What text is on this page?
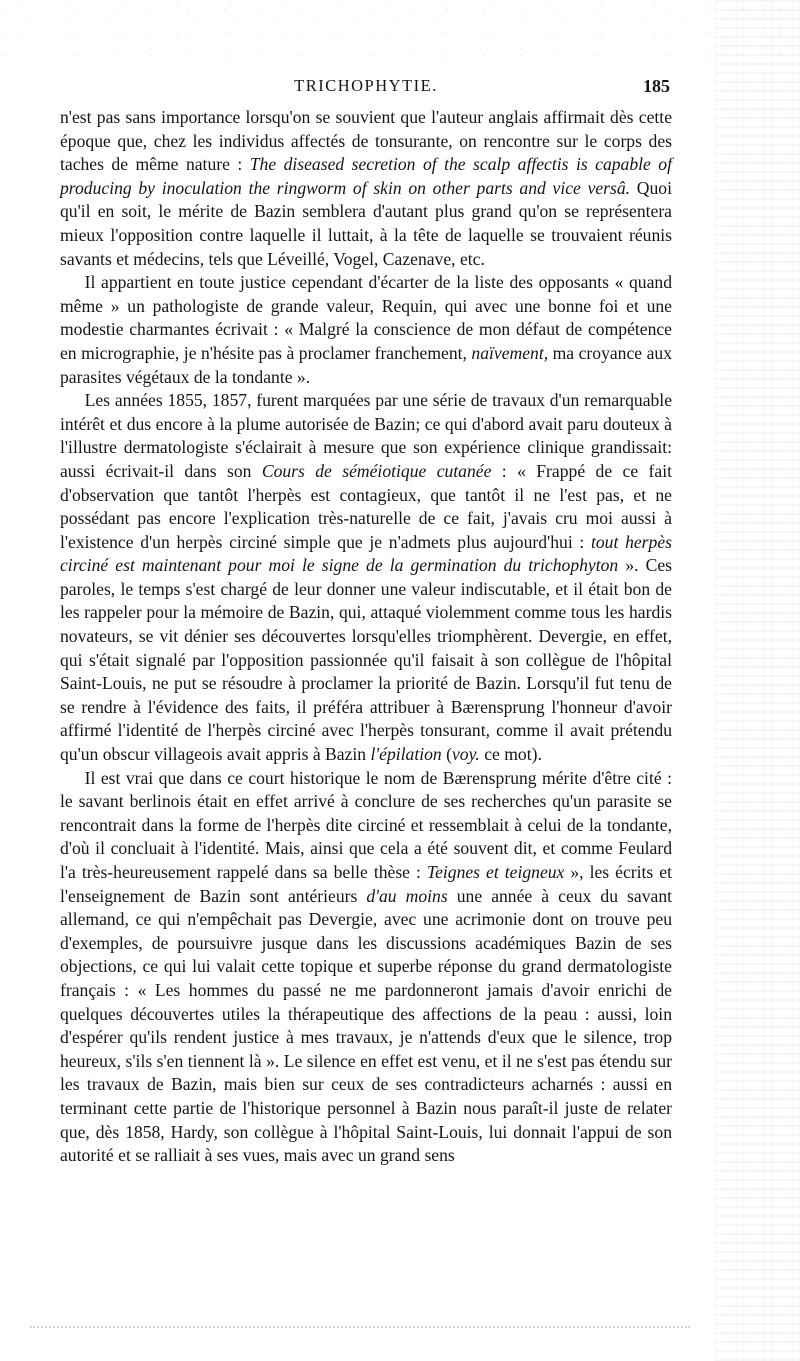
TRICHOPHYTIE.	185

n'est pas sans importance lorsqu'on se souvient que l'auteur anglais affirmait dès cette époque que, chez les individus affectés de tonsurante, on rencontre sur le corps des taches de même nature : The diseased secretion of the scalp affectis is capable of producing by inoculation the ringworm of skin on other parts and vice versâ. Quoi qu'il en soit, le mérite de Bazin semblera d'autant plus grand qu'on se représentera mieux l'opposition contre laquelle il luttait, à la tête de laquelle se trouvaient réunis savants et médecins, tels que Léveillé, Vogel, Cazenave, etc.

Il appartient en toute justice cependant d'écarter de la liste des opposants « quand même » un pathologiste de grande valeur, Requin, qui avec une bonne foi et une modestie charmantes écrivait : « Malgré la conscience de mon défaut de compétence en micrographie, je n'hésite pas à proclamer franchement, naïvement, ma croyance aux parasites végétaux de la tondante ».

Les années 1855, 1857, furent marquées par une série de travaux d'un remarquable intérêt et dus encore à la plume autorisée de Bazin; ce qui d'abord avait paru douteux à l'illustre dermatologiste s'éclairait à mesure que son expérience clinique grandissait: aussi écrivait-il dans son Cours de séméiotique cutanée : « Frappé de ce fait d'observation que tantôt l'herpès est contagieux, que tantôt il ne l'est pas, et ne possédant pas encore l'explication très-naturelle de ce fait, j'avais cru moi aussi à l'existence d'un herpès circiné simple que je n'admets plus aujourd'hui : tout herpès circiné est maintenant pour moi le signe de la germination du trichophyton ». Ces paroles, le temps s'est chargé de leur donner une valeur indiscutable, et il était bon de les rappeler pour la mémoire de Bazin, qui, attaqué violemment comme tous les hardis novateurs, se vit dénier ses découvertes lorsqu'elles triomphèrent. Devergie, en effet, qui s'était signalé par l'opposition passionnée qu'il faisait à son collègue de l'hôpital Saint-Louis, ne put se résoudre à proclamer la priorité de Bazin. Lorsqu'il fut tenu de se rendre à l'évidence des faits, il préféra attribuer à Bærensprung l'honneur d'avoir affirmé l'identité de l'herpès circiné avec l'herpès tonsurant, comme il avait prétendu qu'un obscur villageois avait appris à Bazin l'épilation (voy. ce mot).

Il est vrai que dans ce court historique le nom de Bærensprung mérite d'être cité : le savant berlinois était en effet arrivé à conclure de ses recherches qu'un parasite se rencontrait dans la forme de l'herpès dite circiné et ressemblait à celui de la tondante, d'où il concluait à l'identité. Mais, ainsi que cela a été souvent dit, et comme Feulard l'a très-heureusement rappelé dans sa belle thèse : Teignes et teigneux », les écrits et l'enseignement de Bazin sont antérieurs d'au moins une année à ceux du savant allemand, ce qui n'empêchait pas Devergie, avec une acrimonie dont on trouve peu d'exemples, de poursuivre jusque dans les discussions académiques Bazin de ses objections, ce qui lui valait cette topique et superbe réponse du grand dermatologiste français : « Les hommes du passé ne me pardonneront jamais d'avoir enrichi de quelques découvertes utiles la thérapeutique des affections de la peau : aussi, loin d'espérer qu'ils rendent justice à mes travaux, je n'attends d'eux que le silence, trop heureux, s'ils s'en tiennent là ». Le silence en effet est venu, et il ne s'est pas étendu sur les travaux de Bazin, mais bien sur ceux de ses contradicteurs acharnés : aussi en terminant cette partie de l'historique personnel à Bazin nous paraît-il juste de relater que, dès 1858, Hardy, son collègue à l'hôpital Saint-Louis, lui donnait l'appui de son autorité et se ralliait à ses vues, mais avec un grand sens
